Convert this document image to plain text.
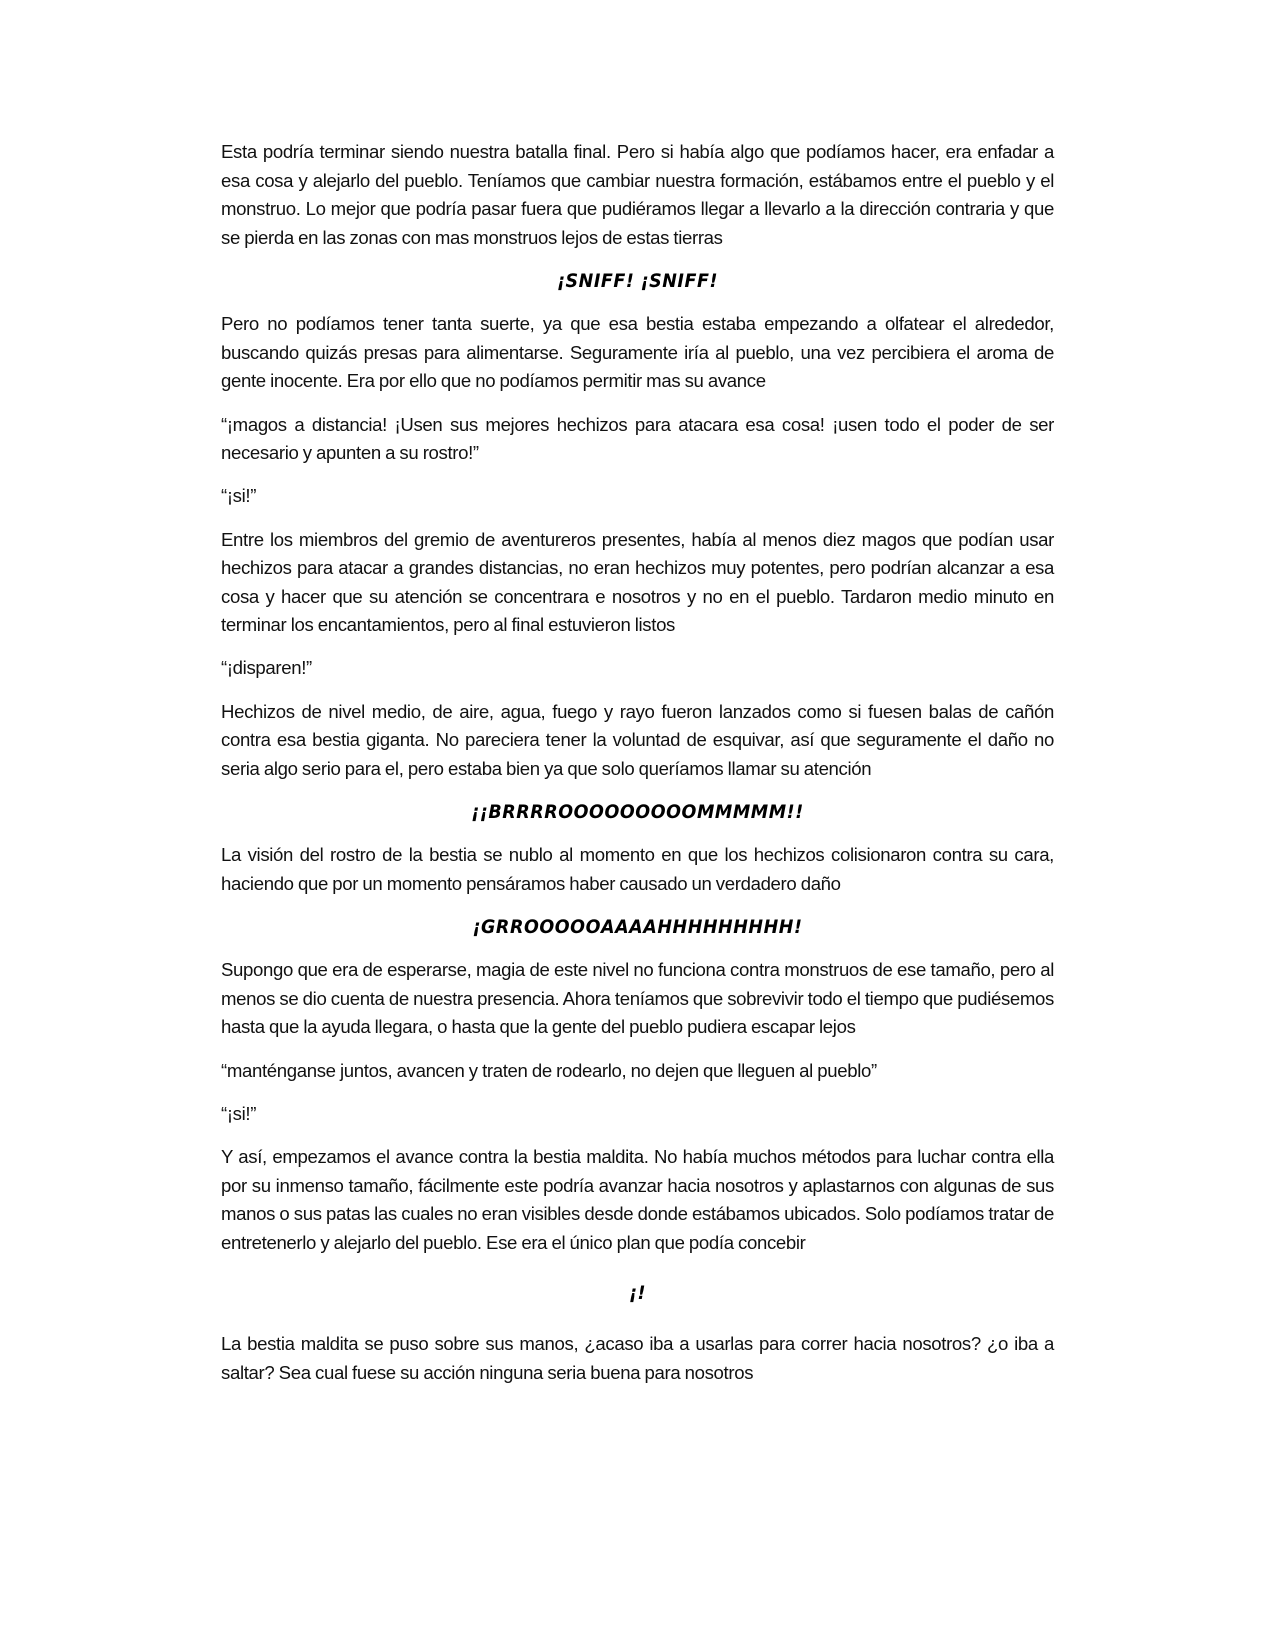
Esta podría terminar siendo nuestra batalla final. Pero si había algo que podíamos hacer, era enfadar a esa cosa y alejarlo del pueblo. Teníamos que cambiar nuestra formación, estábamos entre el pueblo y el monstruo. Lo mejor que podría pasar fuera que pudiéramos llegar a llevarlo a la dirección contraria y que se pierda en las zonas con mas monstruos lejos de estas tierras

¡SNIFF! ¡SNIFF!

Pero no podíamos tener tanta suerte, ya que esa bestia estaba empezando a olfatear el alrededor, buscando quizás presas para alimentarse. Seguramente iría al pueblo, una vez percibiera el aroma de gente inocente. Era por ello que no podíamos permitir mas su avance

“¡magos a distancia! ¡Usen sus mejores hechizos para atacara esa cosa! ¡usen todo el poder de ser necesario y apunten a su rostro!”

“¡si!”

Entre los miembros del gremio de aventureros presentes, había al menos diez magos que podían usar hechizos para atacar a grandes distancias, no eran hechizos muy potentes, pero podrían alcanzar a esa cosa y hacer que su atención se concentrara e nosotros y no en el pueblo. Tardaron medio minuto en terminar los encantamientos, pero al final estuvieron listos

“¡disparen!”

Hechizos de nivel medio, de aire, agua, fuego y rayo fueron lanzados como si fuesen balas de cañón contra esa bestia giganta. No pareciera tener la voluntad de esquivar, así que seguramente el daño no seria algo serio para el, pero estaba bien ya que solo queríamos llamar su atención

¡¡BRRRROOOOOOOOOMMMMM!!

La visión del rostro de la bestia se nublo al momento en que los hechizos colisionaron contra su cara, haciendo que por un momento pensáramos haber causado un verdadero daño

¡GRROOOOOAAAAHHHHHHHHH!

Supongo que era de esperarse, magia de este nivel no funciona contra monstruos de ese tamaño, pero al menos se dio cuenta de nuestra presencia. Ahora teníamos que sobrevivir todo el tiempo que pudiésemos hasta que la ayuda llegara, o hasta que la gente del pueblo pudiera escapar lejos

“manténganse juntos, avancen y traten de rodearlo, no dejen que lleguen al pueblo”

“¡si!”

Y así, empezamos el avance contra la bestia maldita. No había muchos métodos para luchar contra ella por su inmenso tamaño, fácilmente este podría avanzar hacia nosotros y aplastarnos con algunas de sus manos o sus patas las cuales no eran visibles desde donde estábamos ubicados. Solo podíamos tratar de entretenerlo y alejarlo del pueblo. Ese era el único plan que podía concebir

¡!

La bestia maldita se puso sobre sus manos, ¿acaso iba a usarlas para correr hacia nosotros? ¿o iba a saltar? Sea cual fuese su acción ninguna seria buena para nosotros
